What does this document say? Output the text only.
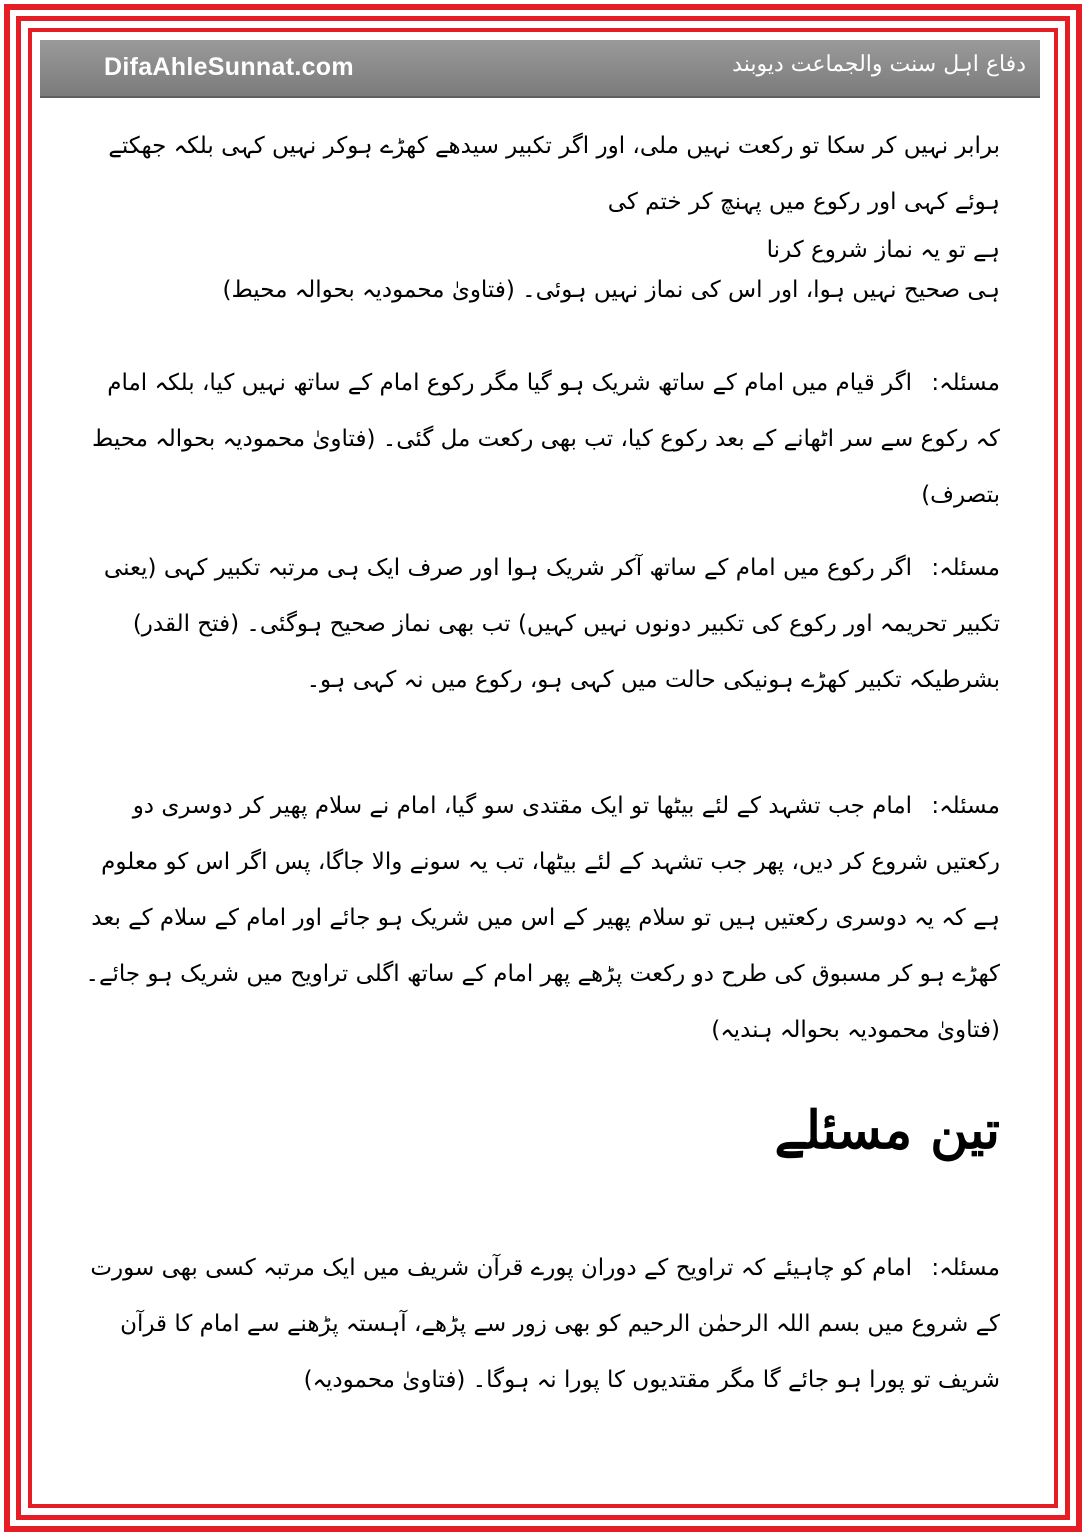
DifaAhleSunnat.com	دفاع اہل سنت والجماعت دیوبند

برابر نہیں کر سکا تو رکعت نہیں ملی، اور اگر تکبیر سیدھے کھڑے ہوکر نہیں کہی بلکہ جھکتے ہوئے کہی اور رکوع میں پہنچ کر ختم کی

ہے تو یہ نماز شروع کرنا

ہی صحیح نہیں ہوا، اور اس کی نماز نہیں ہوئی۔ (فتاویٰ محمودیہ بحوالہ محیط)

مسئلہ: اگر قیام میں امام کے ساتھ شریک ہو گیا مگر رکوع امام کے ساتھ نہیں کیا، بلکہ امام کہ رکوع سے سر اٹھانے کے بعد رکوع کیا، تب بھی رکعت مل گئی۔ (فتاویٰ محمودیہ بحوالہ محیط بتصرف)

مسئلہ: اگر رکوع میں امام کے ساتھ آکر شریک ہوا اور صرف ایک ہی مرتبہ تکبیر کہی (یعنی تکبیر تحریمہ اور رکوع کی تکبیر دونوں نہیں کہیں) تب بھی نماز صحیح ہوگئی۔ (فتح القدر) بشرطیکہ تکبیر کھڑے ہونیکی حالت میں کہی ہو، رکوع میں نہ کہی ہو۔

مسئلہ: امام جب تشہد کے لئے بیٹھا تو ایک مقتدی سو گیا، امام نے سلام پھیر کر دوسری دو رکعتیں شروع کر دیں، پھر جب تشہد کے لئے بیٹھا، تب یہ سونے والا جاگا، پس اگر اس کو معلوم ہے کہ یہ دوسری رکعتیں ہیں تو سلام پھیر کے اس میں شریک ہو جائے اور امام کے سلام کے بعد کھڑے ہو کر مسبوق کی طرح دو رکعت پڑھے پھر امام کے ساتھ اگلی تراویح میں شریک ہو جائے۔ (فتاویٰ محمودیہ بحوالہ ہندیہ)

تین مسئلے

مسئلہ: امام کو چاہیئے کہ تراویح کے دوران پورے قرآن شریف میں ایک مرتبہ کسی بھی سورت کے شروع میں بسم اللہ الرحمٰن الرحیم کو بھی زور سے پڑھے، آہستہ پڑھنے سے امام کا قرآن شریف تو پورا ہو جائے گا مگر مقتدیوں کا پورا نہ ہوگا۔ (فتاویٰ محمودیہ)
